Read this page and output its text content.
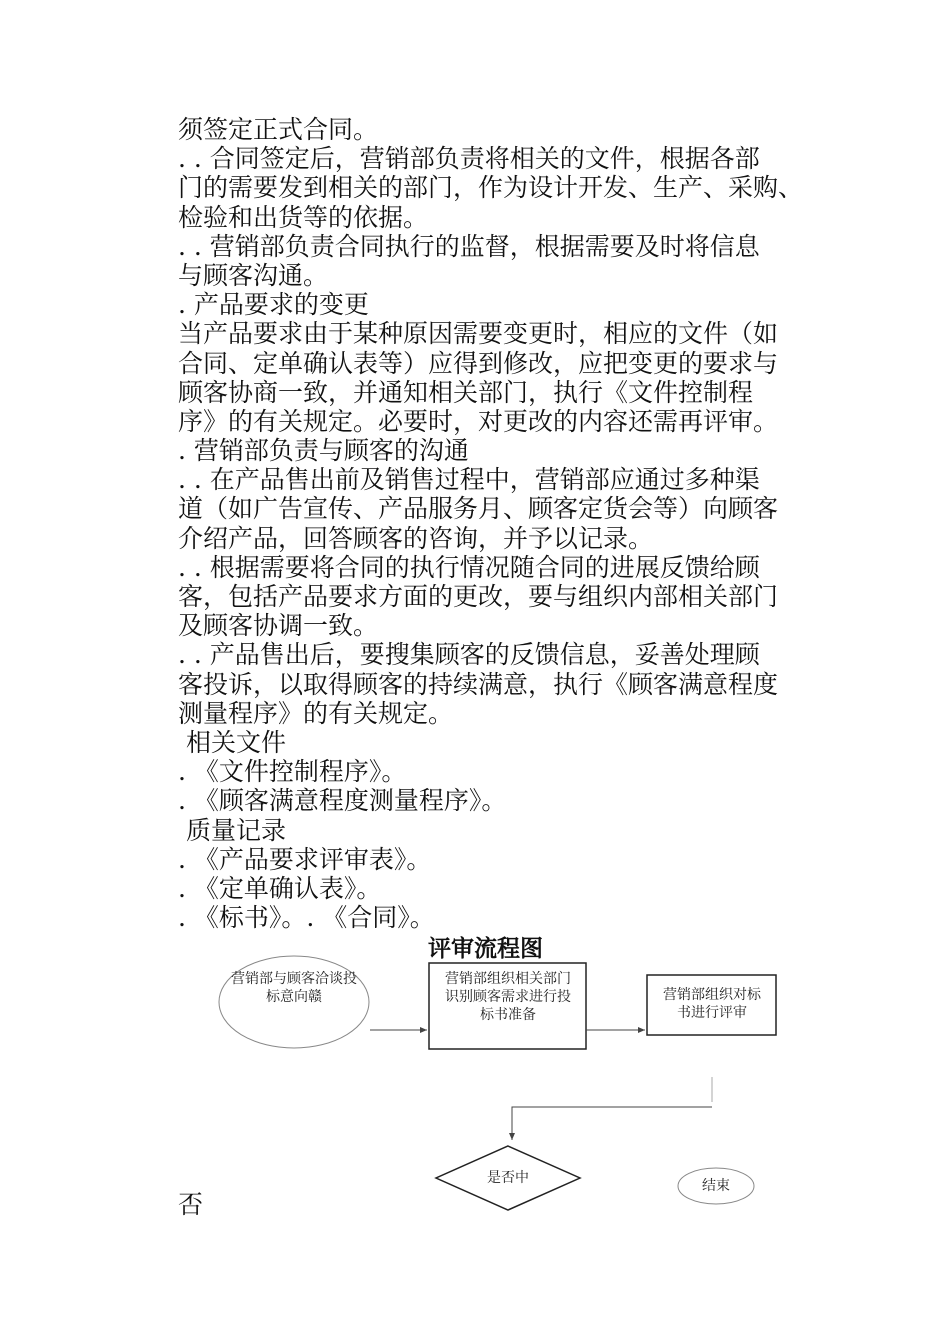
须签定正式合同。
. . 合同签定后，营销部负责将相关的文件，根据各部
门的需要发到相关的部门，作为设计开发、生产、采购、
检验和出货等的依据。
. . 营销部负责合同执行的监督，根据需要及时将信息
与顾客沟通。
. 产品要求的变更
当产品要求由于某种原因需要变更时，相应的文件（如
合同、定单确认表等）应得到修改，应把变更的要求与
顾客协商一致，并通知相关部门，执行《文件控制程
序》的有关规定。必要时，对更改的内容还需再评审。
. 营销部负责与顾客的沟通
. . 在产品售出前及销售过程中，营销部应通过多种渠
道（如广告宣传、产品服务月、顾客定货会等）向顾客
介绍产品，回答顾客的咨询，并予以记录。
. . 根据需要将合同的执行情况随合同的进展反馈给顾
客，包括产品要求方面的更改，要与组织内部相关部门
及顾客协调一致。
. . 产品售出后，要搜集顾客的反馈信息，妥善处理顾
客投诉，以取得顾客的持续满意，执行《顾客满意程度
测量程序》的有关规定。
相关文件
. 《文件控制程序》。
. 《顾客满意程度测量程序》。
质量记录
. 《产品要求评审表》。
. 《定单确认表》。
. 《标书》。. 《合同》。
评审流程图
营销部与顾客洽谈投标意向赣
营销部组织相关部门识别顾客需求进行投标书准备
营销部组织对标书进行评审
是否中	结束
否
